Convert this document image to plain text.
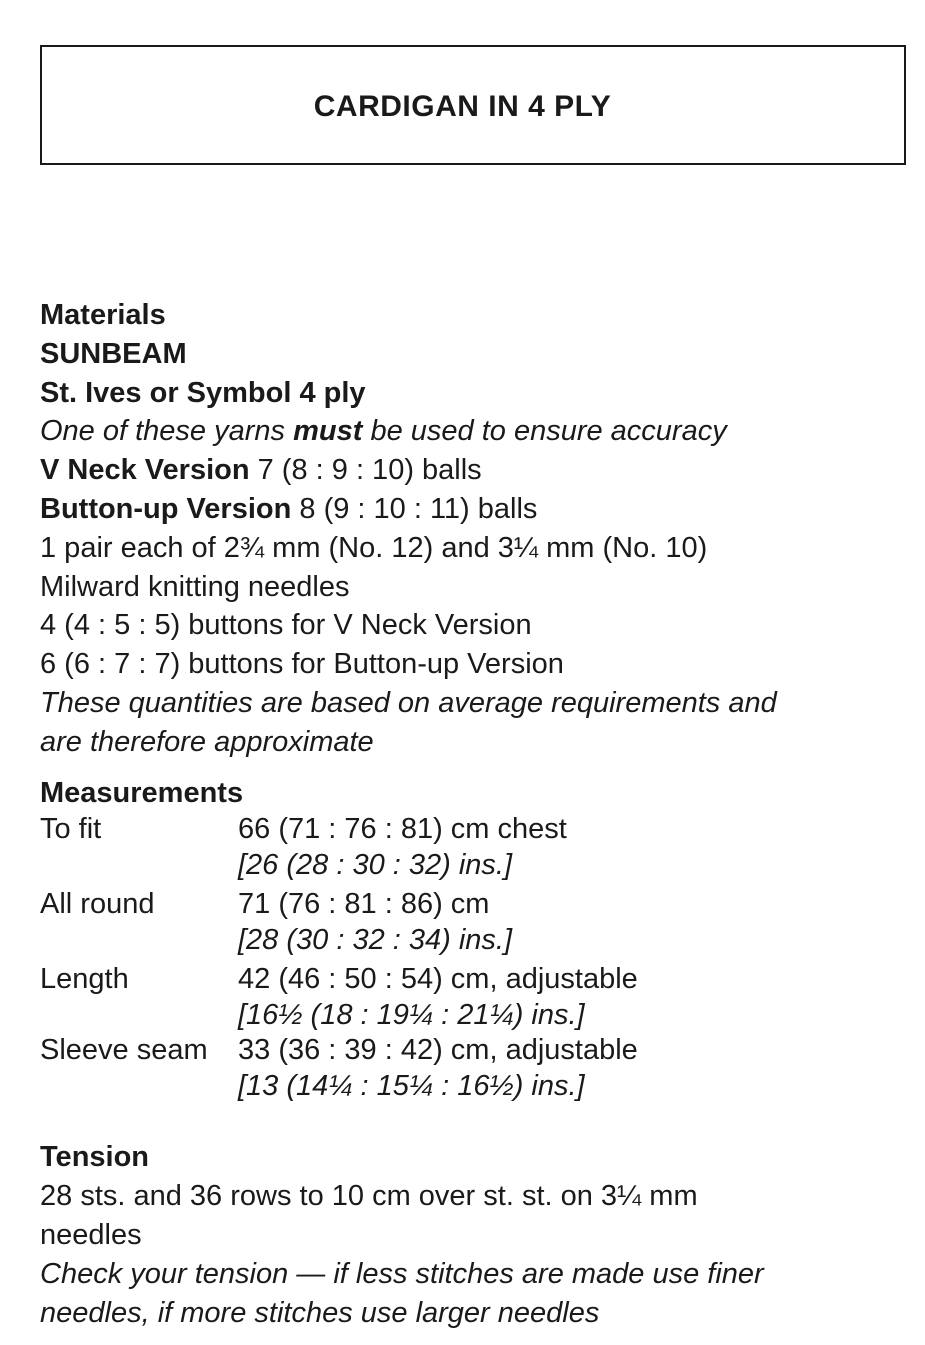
CARDIGAN IN 4 PLY
Materials
SUNBEAM
St. Ives or Symbol 4 ply
One of these yarns must be used to ensure accuracy
V Neck Version 7 (8 : 9 : 10) balls
Button-up Version 8 (9 : 10 : 11) balls
1 pair each of 2¾ mm (No. 12) and 3¼ mm (No. 10)
Milward knitting needles
4 (4 : 5 : 5) buttons for V Neck Version
6 (6 : 7 : 7) buttons for Button-up Version
These quantities are based on average requirements and
are therefore approximate
Measurements
To fit	66 (71 : 76 : 81) cm chest
[26 (28 : 30 : 32) ins.]
All round	71 (76 : 81 : 86) cm
[28 (30 : 32 : 34) ins.]
Length	42 (46 : 50 : 54) cm, adjustable
[16½ (18 : 19¼ : 21¼) ins.]
Sleeve seam	33 (36 : 39 : 42) cm, adjustable
[13 (14¼ : 15¼ : 16½) ins.]
Tension
28 sts. and 36 rows to 10 cm over st. st. on 3¼ mm
needles
Check your tension — if less stitches are made use finer
needles, if more stitches use larger needles
